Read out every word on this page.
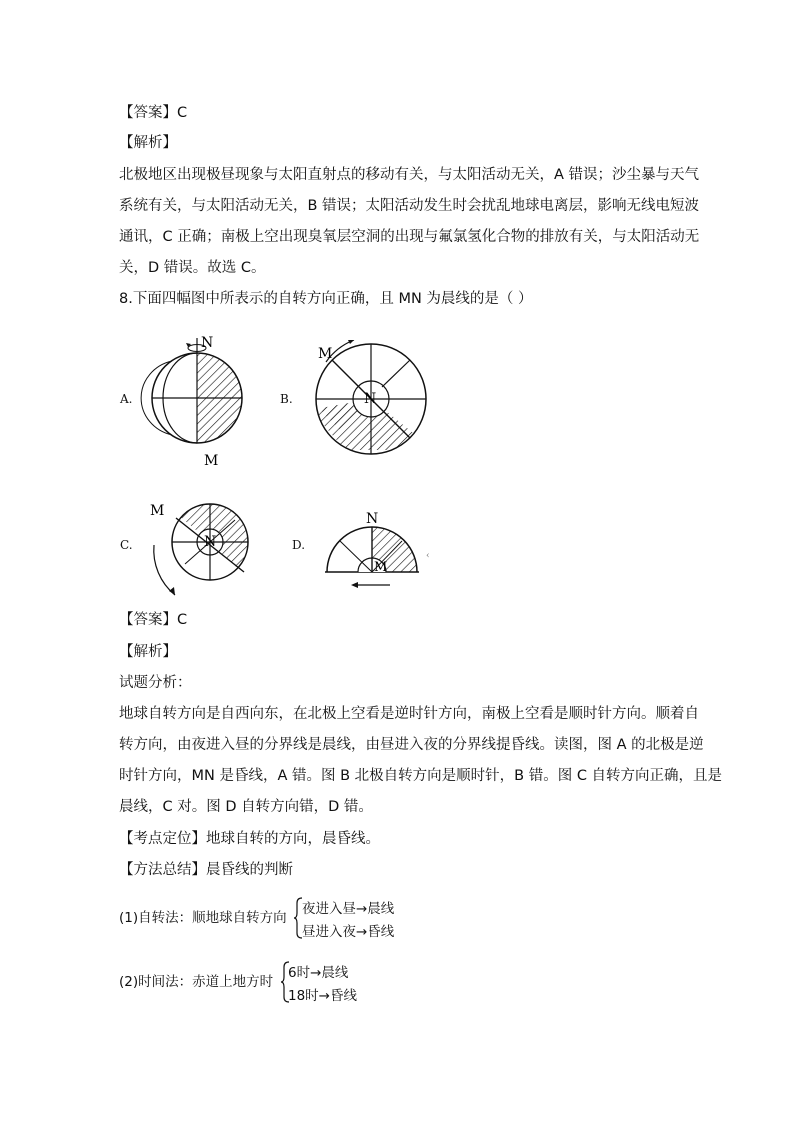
【答案】C
【解析】
北极地区出现极昼现象与太阳直射点的移动有关，与太阳活动无关，A 错误；沙尘暴与天气
系统有关，与太阳活动无关，B 错误；太阳活动发生时会扰乱地球电离层，影响无线电短波
通讯，C 正确；南极上空出现臭氧层空洞的出现与氟氯氢化合物的排放有关，与太阳活动无
关，D 错误。故选 C。
8.下面四幅图中所表示的自转方向正确，且 MN 为晨线的是（ ）
A.
N
M
B.
M
N
C.
M
N	D.
N
M
‹
【答案】C
【解析】
试题分析：
地球自转方向是自西向东，在北极上空看是逆时针方向，南极上空看是顺时针方向。顺着自
转方向，由夜进入昼的分界线是晨线，由昼进入夜的分界线提昏线。读图，图 A 的北极是逆
时针方向，MN 是昏线，A 错。图 B 北极自转方向是顺时针，B 错。图 C 自转方向正确，且是
晨线，C 对。图 D 自转方向错，D 错。
【考点定位】地球自转的方向，晨昏线。
【方法总结】晨昏线的判断
(1)自转法：顺地球自转方向
夜进入昼→晨线
昼进入夜→昏线
(2)时间法：赤道上地方时
6时→晨线
18时→昏线
